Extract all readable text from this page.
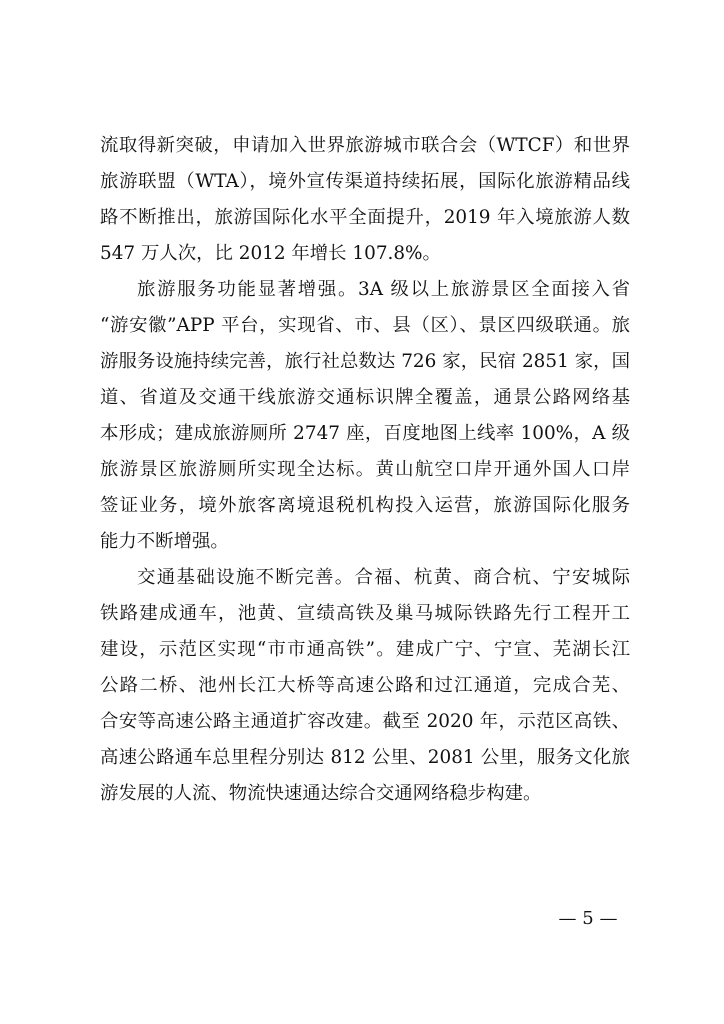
流取得新突破，申请加入世界旅游城市联合会（WTCF）和世界
旅游联盟（WTA），境外宣传渠道持续拓展，国际化旅游精品线
路不断推出，旅游国际化水平全面提升，2019 年入境旅游人数
547 万人次，比 2012 年增长 107.8%。
旅游服务功能显著增强。3A 级以上旅游景区全面接入省
“游安徽”APP 平台，实现省、市、县（区）、景区四级联通。旅
游服务设施持续完善，旅行社总数达 726 家，民宿 2851 家，国
道、省道及交通干线旅游交通标识牌全覆盖，通景公路网络基
本形成；建成旅游厕所 2747 座，百度地图上线率 100%，A 级
旅游景区旅游厕所实现全达标。黄山航空口岸开通外国人口岸
签证业务，境外旅客离境退税机构投入运营，旅游国际化服务
能力不断增强。
交通基础设施不断完善。合福、杭黄、商合杭、宁安城际
铁路建成通车，池黄、宣绩高铁及巢马城际铁路先行工程开工
建设，示范区实现“市市通高铁”。建成广宁、宁宣、芜湖长江
公路二桥、池州长江大桥等高速公路和过江通道，完成合芜、
合安等高速公路主通道扩容改建。截至 2020 年，示范区高铁、
高速公路通车总里程分别达 812 公里、2081 公里，服务文化旅
游发展的人流、物流快速通达综合交通网络稳步构建。
— 5 —
